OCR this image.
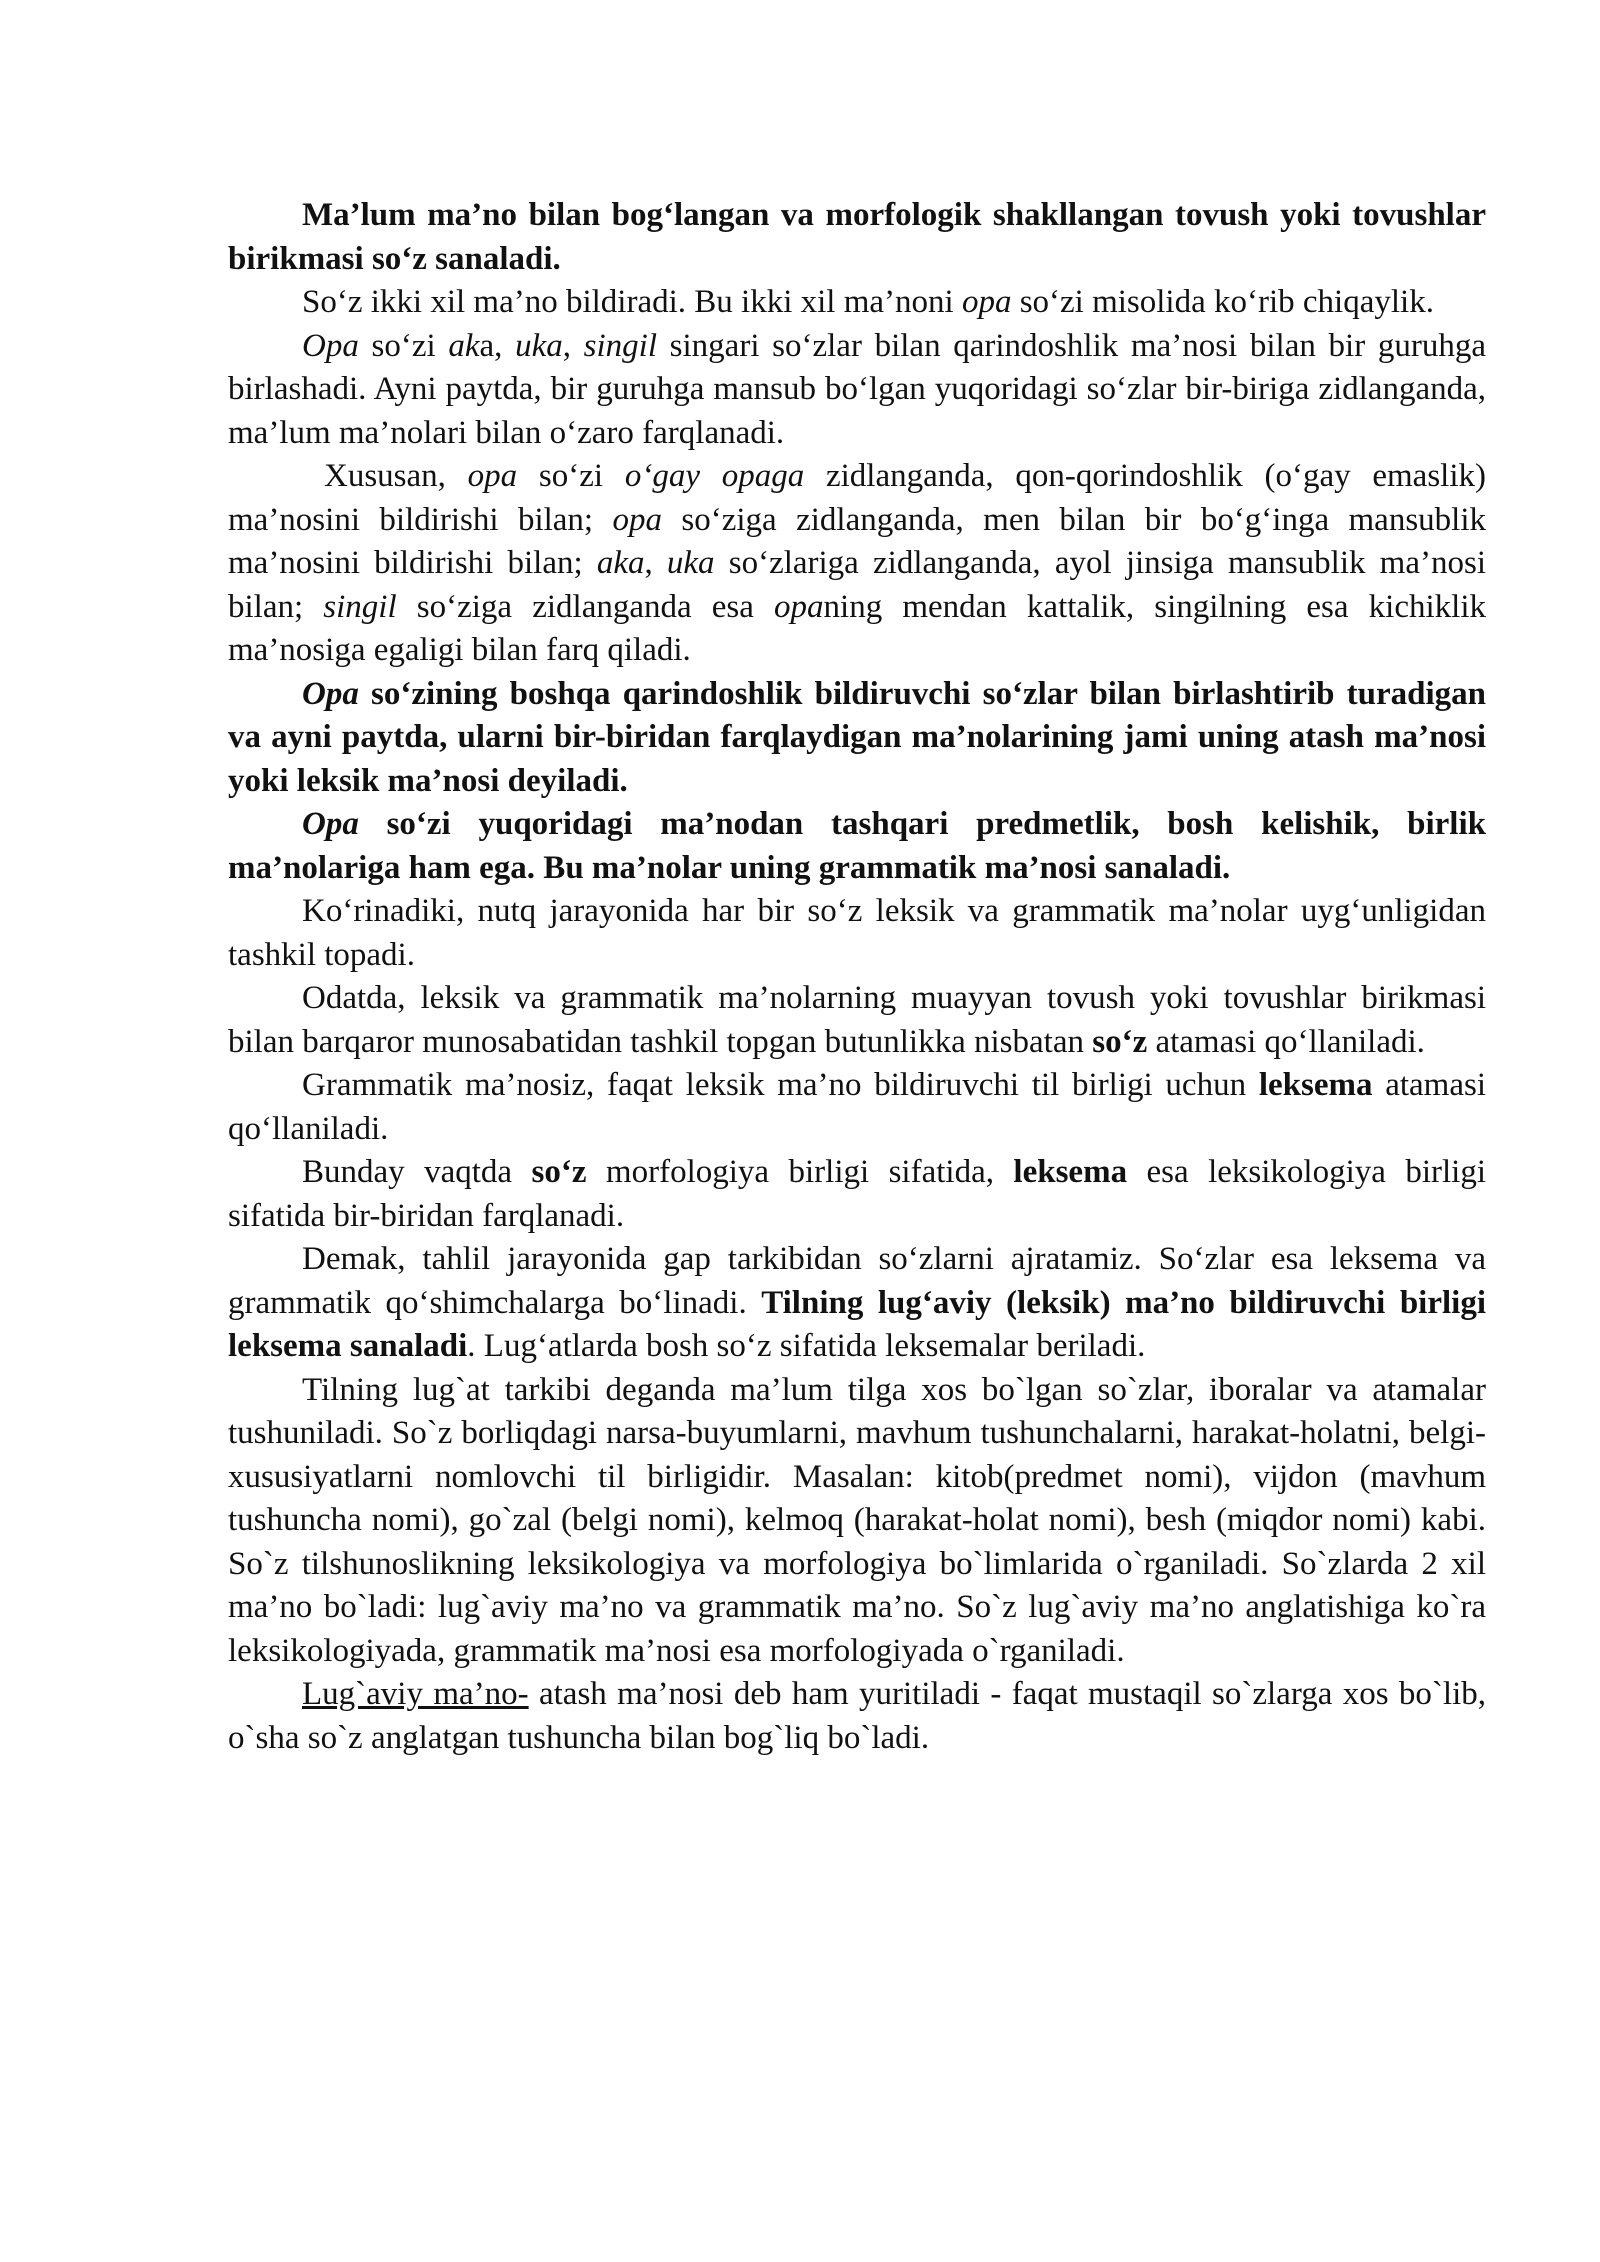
Ma’lum ma’no bilan bog‘langan va morfologik shakllangan tovush yoki tovushlar birikmasi so‘z sanaladi.

So‘z ikki xil ma’no bildiradi. Bu ikki xil ma’noni opa so‘zi misolida ko‘rib chiqaylik.

Opa so‘zi aka, uka, singil singari so‘zlar bilan qarindoshlik ma’nosi bilan bir guruhga birlashadi. Ayni paytda, bir guruhga mansub bo‘lgan yuqoridagi so‘zlar bir-biriga zidlanganda, ma’lum ma’nolari bilan o‘zaro farqlanadi.

Xususan, opa so‘zi o‘gay opaga zidlanganda, qon-qorindoshlik (o‘gay emaslik) ma’nosini bildirishi bilan; opa so‘ziga zidlanganda, men bilan bir bo‘g‘inga mansublik ma’nosini bildirishi bilan; aka, uka so‘zlariga zidlanganda, ayol jinsiga mansublik ma’nosi bilan; singil so‘ziga zidlanganda esa opaning mendan kattalik, singilning esa kichiklik ma’nosiga egaligi bilan farq qiladi.

Opa so‘zining boshqa qarindoshlik bildiruvchi so‘zlar bilan birlashtirib turadigan va ayni paytda, ularni bir-biridan farqlaydigan ma’nolarining jami uning atash ma’nosi yoki leksik ma’nosi deyiladi.

Opa so‘zi yuqoridagi ma’nodan tashqari predmetlik, bosh kelishik, birlik ma’nolariga ham ega. Bu ma’nolar uning grammatik ma’nosi sanaladi.

Ko‘rinadiki, nutq jarayonida har bir so‘z leksik va grammatik ma’nolar uyg‘unligidan tashkil topadi.

Odatda, leksik va grammatik ma’nolarning muayyan tovush yoki tovushlar birikmasi bilan barqaror munosabatidan tashkil topgan butunlikka nisbatan so‘z atamasi qo‘llaniladi.

Grammatik ma’nosiz, faqat leksik ma’no bildiruvchi til birligi uchun leksema atamasi qo‘llaniladi.

Bunday vaqtda so‘z morfologiya birligi sifatida, leksema esa leksikologiya birligi sifatida bir-biridan farqlanadi.

Demak, tahlil jarayonida gap tarkibidan so‘zlarni ajratamiz. So‘zlar esa leksema va grammatik qo‘shimchalarga bo‘linadi. Tilning lug‘aviy (leksik) ma’no bildiruvchi birligi leksema sanaladi. Lug‘atlarda bosh so‘z sifatida leksemalar beriladi.

Tilning lug`at tarkibi deganda ma’lum tilga xos bo`lgan so`zlar, iboralar va atamalar tushuniladi. So`z borliqdagi narsa-buyumlarni, mavhum tushunchalarni, harakat-holatni, belgi-xususiyatlarni nomlovchi til birligidir. Masalan: kitob(predmet nomi), vijdon (mavhum tushuncha nomi), go`zal (belgi nomi), kelmoq (harakat-holat nomi), besh (miqdor nomi) kabi. So`z tilshunoslikning leksikologiya va morfologiya bo`limlarida o`rganiladi. So`zlarda 2 xil ma’no bo`ladi: lug`aviy ma’no va grammatik ma’no. So`z lug`aviy ma’no anglatishiga ko`ra leksikologiyada, grammatik ma’nosi esa morfologiyada o`rganiladi.

Lug`aviy ma’no- atash ma’nosi deb ham yuritiladi - faqat mustaqil so`zlarga xos bo`lib, o`sha so`z anglatgan tushuncha bilan bog`liq bo`ladi.
